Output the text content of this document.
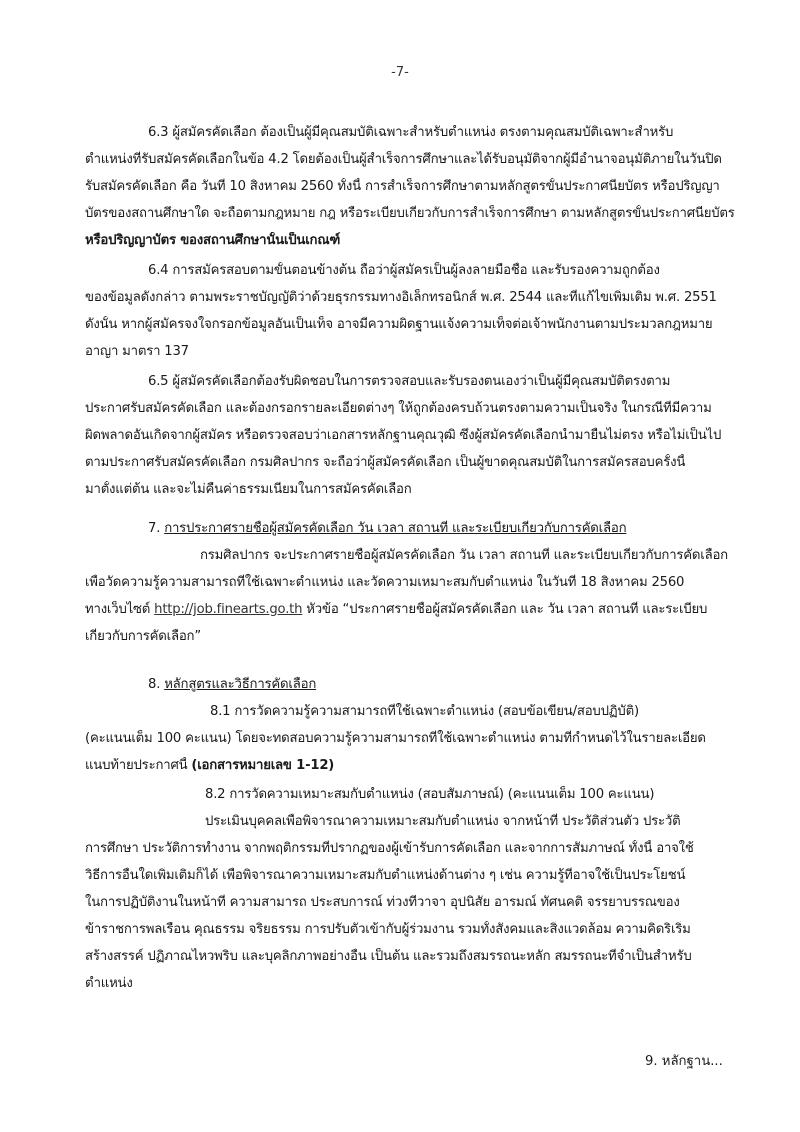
-7-
6.3 ผู้สมัครคัดเลือก ต้องเป็นผู้มีคุณสมบัติเฉพาะสำหรับตำแหน่ง ตรงตามคุณสมบัติเฉพาะสำหรับ
ตำแหน่งที่รับสมัครคัดเลือกในข้อ 4.2 โดยต้องเป็นผู้สำเร็จการศึกษาและได้รับอนุมัติจากผู้มีอำนาจอนุมัติภายในวันปิด
รับสมัครคัดเลือก คือ วันที่ 10 สิงหาคม 2560 ทั้งนี้ การสำเร็จการศึกษาตามหลักสูตรขั้นประกาศนียบัตร หรือปริญญา
บัตรของสถานศึกษาใด จะถือตามกฎหมาย กฎ หรือระเบียบเกี่ยวกับการสำเร็จการศึกษา ตามหลักสูตรขั้นประกาศนียบัตร
หรือปริญญาบัตร ของสถานศึกษานั้นเป็นเกณฑ์
6.4 การสมัครสอบตามขั้นตอนข้างต้น ถือว่าผู้สมัครเป็นผู้ลงลายมือชื่อ และรับรองความถูกต้อง
ของข้อมูลดังกล่าว ตามพระราชบัญญัติว่าด้วยธุรกรรมทางอิเล็กทรอนิกส์ พ.ศ. 2544 และที่แก้ไขเพิ่มเติม พ.ศ. 2551
ดังนั้น หากผู้สมัครจงใจกรอกข้อมูลอันเป็นเท็จ อาจมีความผิดฐานแจ้งความเท็จต่อเจ้าพนักงานตามประมวลกฎหมาย
อาญา มาตรา 137
6.5 ผู้สมัครคัดเลือกต้องรับผิดชอบในการตรวจสอบและรับรองตนเองว่าเป็นผู้มีคุณสมบัติตรงตาม
ประกาศรับสมัครคัดเลือก และต้องกรอกรายละเอียดต่างๆ ให้ถูกต้องครบถ้วนตรงตามความเป็นจริง ในกรณีที่มีความ
ผิดพลาดอันเกิดจากผู้สมัคร หรือตรวจสอบว่าเอกสารหลักฐานคุณวุฒิ ซึ่งผู้สมัครคัดเลือกนำมายื่นไม่ตรง หรือไม่เป็นไป
ตามประกาศรับสมัครคัดเลือก กรมศิลปากร จะถือว่าผู้สมัครคัดเลือก เป็นผู้ขาดคุณสมบัติในการสมัครสอบครั้งนี้
มาตั้งแต่ต้น และจะไม่คืนค่าธรรมเนียมในการสมัครคัดเลือก
7. การประกาศรายชื่อผู้สมัครคัดเลือก วัน เวลา สถานที่ และระเบียบเกี่ยวกับการคัดเลือก
กรมศิลปากร จะประกาศรายชื่อผู้สมัครคัดเลือก วัน เวลา สถานที่ และระเบียบเกี่ยวกับการคัดเลือก
เพื่อวัดความรู้ความสามารถที่ใช้เฉพาะตำแหน่ง และวัดความเหมาะสมกับตำแหน่ง ในวันที่ 18 สิงหาคม 2560
ทางเว็บไซต์ http://job.finearts.go.th หัวข้อ “ประกาศรายชื่อผู้สมัครคัดเลือก และ วัน เวลา สถานที่ และระเบียบ
เกี่ยวกับการคัดเลือก”
8. หลักสูตรและวิธีการคัดเลือก
8.1 การวัดความรู้ความสามารถที่ใช้เฉพาะตำแหน่ง (สอบข้อเขียน/สอบปฏิบัติ)
(คะแนนเต็ม 100 คะแนน) โดยจะทดสอบความรู้ความสามารถที่ใช้เฉพาะตำแหน่ง ตามที่กำหนดไว้ในรายละเอียด
แนบท้ายประกาศนี้ (เอกสารหมายเลข 1-12)
8.2 การวัดความเหมาะสมกับตำแหน่ง (สอบสัมภาษณ์) (คะแนนเต็ม 100 คะแนน)
ประเมินบุคคลเพื่อพิจารณาความเหมาะสมกับตำแหน่ง จากหน้าที่ ประวัติส่วนตัว ประวัติ
การศึกษา ประวัติการทำงาน จากพฤติกรรมที่ปรากฏของผู้เข้ารับการคัดเลือก และจากการสัมภาษณ์ ทั้งนี้ อาจใช้
วิธีการอื่นใดเพิ่มเติมก็ได้ เพื่อพิจารณาความเหมาะสมกับตำแหน่งด้านต่าง ๆ เช่น ความรู้ที่อาจใช้เป็นประโยชน์
ในการปฏิบัติงานในหน้าที่ ความสามารถ ประสบการณ์ ท่วงทีวาจา อุปนิสัย อารมณ์ ทัศนคติ จรรยาบรรณของ
ข้าราชการพลเรือน คุณธรรม จริยธรรม การปรับตัวเข้ากับผู้ร่วมงาน รวมทั้งสังคมและสิ่งแวดล้อม ความคิดริเริ่ม
สร้างสรรค์ ปฏิภาณไหวพริบ และบุคลิกภาพอย่างอื่น เป็นต้น และรวมถึงสมรรถนะหลัก สมรรถนะที่จำเป็นสำหรับ
ตำแหน่ง
9. หลักฐาน...
